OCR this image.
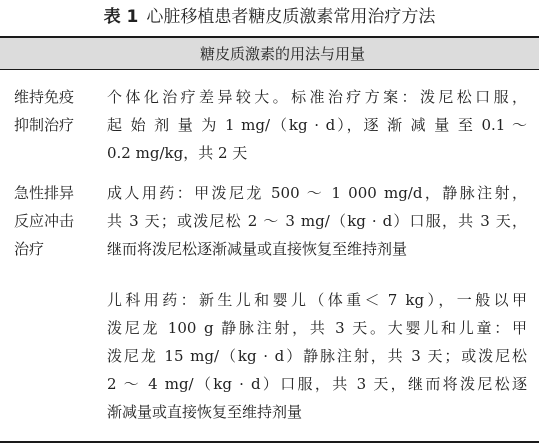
表 1 心脏移植患者糖皮质激素常用治疗方法
糖皮质激素的用法与用量
维持免疫
抑制治疗
个体化治疗差异较大。标准治疗方案：泼尼松口服，
起 始 剂 量 为 1 mg/（kg · d），逐 渐 减 量 至 0.1 ～
0.2 mg/kg，共 2 天
急性排异
反应冲击
治疗
成人用药：甲泼尼龙 500 ～ 1 000 mg/d，静脉注射，
共 3 天；或泼尼松 2 ～ 3 mg/（kg · d）口服，共 3 天，
继而将泼尼松逐渐减量或直接恢复至维持剂量
儿科用药：新生儿和婴儿（体重＜ 7 kg），一般以甲
泼尼龙 100 g 静脉注射，共 3 天。大婴儿和儿童：甲
泼尼龙 15 mg/（kg · d）静脉注射，共 3 天；或泼尼松
2 ～ 4 mg/（kg · d）口服，共 3 天，继而将泼尼松逐
渐减量或直接恢复至维持剂量
